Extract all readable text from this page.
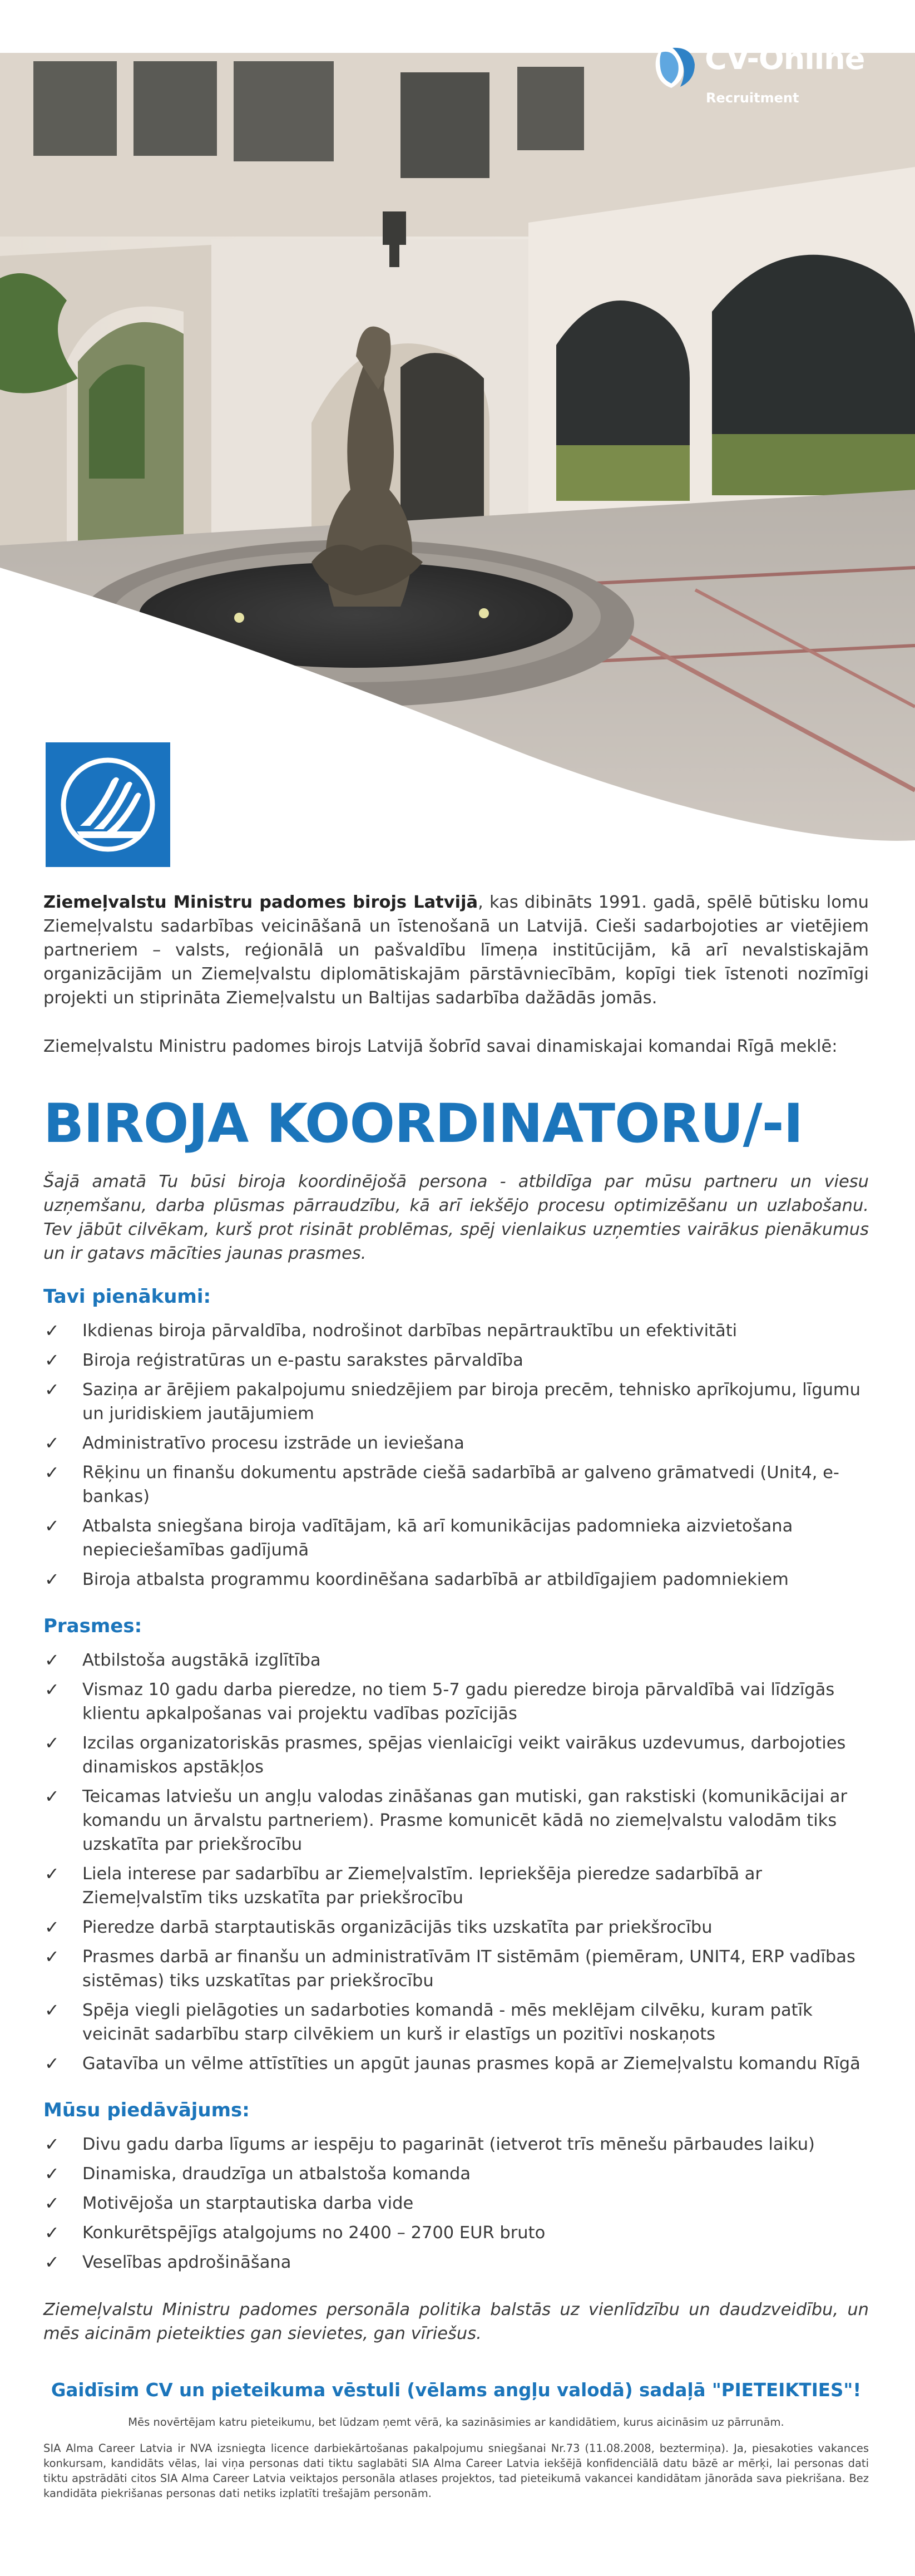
CV-Online
Recruitment

Ziemeļvalstu Ministru padomes birojs Latvijā, kas dibināts 1991. gadā, spēlē būtisku lomu Ziemeļvalstu sadarbības veicināšanā un īstenošanā un Latvijā. Cieši sadarbojoties ar vietējiem partneriem – valsts, reģionālā un pašvaldību līmeņa institūcijām, kā arī nevalstiskajām organizācijām un Ziemeļvalstu diplomātiskajām pārstāvniecībām, kopīgi tiek īstenoti nozīmīgi projekti un stiprināta Ziemeļvalstu un Baltijas sadarbība dažādās jomās.

Ziemeļvalstu Ministru padomes birojs Latvijā šobrīd savai dinamiskajai komandai Rīgā meklē:

BIROJA KOORDINATORU/-I

Šajā amatā Tu būsi biroja koordinējošā persona - atbildīga par mūsu partneru un viesu uzņemšanu, darba plūsmas pārraudzību, kā arī iekšējo procesu optimizēšanu un uzlabošanu. Tev jābūt cilvēkam, kurš prot risināt problēmas, spēj vienlaikus uzņemties vairākus pienākumus un ir gatavs mācīties jaunas prasmes.

Tavi pienākumi:
✓	Ikdienas biroja pārvaldība, nodrošinot darbības nepārtrauktību un efektivitāti
✓	Biroja reģistratūras un e-pastu sarakstes pārvaldība
✓	Saziņa ar ārējiem pakalpojumu sniedzējiem par biroja precēm, tehnisko aprīkojumu, līgumu un juridiskiem jautājumiem
✓	Administratīvo procesu izstrāde un ieviešana
✓	Rēķinu un finanšu dokumentu apstrāde ciešā sadarbībā ar galveno grāmatvedi (Unit4, e-bankas)
✓	Atbalsta sniegšana biroja vadītājam, kā arī komunikācijas padomnieka aizvietošana nepieciešamības gadījumā
✓	Biroja atbalsta programmu koordinēšana sadarbībā ar atbildīgajiem padomniekiem
Prasmes:
✓	Atbilstoša augstākā izglītība
✓	Vismaz 10 gadu darba pieredze, no tiem 5-7 gadu pieredze biroja pārvaldībā vai līdzīgās klientu apkalpošanas vai projektu vadības pozīcijās
✓	Izcilas organizatoriskās prasmes, spējas vienlaicīgi veikt vairākus uzdevumus, darbojoties dinamiskos apstākļos
✓	Teicamas latviešu un angļu valodas zināšanas gan mutiski, gan rakstiski (komunikācijai ar komandu un ārvalstu partneriem). Prasme komunicēt kādā no ziemeļvalstu valodām tiks uzskatīta par priekšrocību
✓	Liela interese par sadarbību ar Ziemeļvalstīm. Iepriekšēja pieredze sadarbībā ar Ziemeļvalstīm tiks uzskatīta par priekšrocību
✓	Pieredze darbā starptautiskās organizācijās tiks uzskatīta par priekšrocību
✓	Prasmes darbā ar finanšu un administratīvām IT sistēmām (piemēram, UNIT4, ERP vadības sistēmas) tiks uzskatītas par priekšrocību
✓	Spēja viegli pielāgoties un sadarboties komandā - mēs meklējam cilvēku, kuram patīk veicināt sadarbību starp cilvēkiem un kurš ir elastīgs un pozitīvi noskaņots
✓	Gatavība un vēlme attīstīties un apgūt jaunas prasmes kopā ar Ziemeļvalstu komandu Rīgā
Mūsu piedāvājums:
✓	Divu gadu darba līgums ar iespēju to pagarināt (ietverot trīs mēnešu pārbaudes laiku)
✓	Dinamiska, draudzīga un atbalstoša komanda
✓	Motivējoša un starptautiska darba vide
✓	Konkurētspējīgs atalgojums no 2400 – 2700 EUR bruto
✓	Veselības apdrošināšana

Ziemeļvalstu Ministru padomes personāla politika balstās uz vienlīdzību un daudzveidību, un mēs aicinām pieteikties gan sievietes, gan vīriešus.

Gaidīsim CV un pieteikuma vēstuli (vēlams angļu valodā) sadaļā "PIETEIKTIES"!

Mēs novērtējam katru pieteikumu, bet lūdzam ņemt vērā, ka sazināsimies ar kandidātiem, kurus aicināsim uz pārrunām.

SIA Alma Career Latvia ir NVA izsniegta licence darbiekārtošanas pakalpojumu sniegšanai Nr.73 (11.08.2008, beztermiņa). Ja, piesakoties vakances konkursam, kandidāts vēlas, lai viņa personas dati tiktu saglabāti SIA Alma Career Latvia iekšējā konfidenciālā datu bāzē ar mērķi, lai personas dati tiktu apstrādāti citos SIA Alma Career Latvia veiktajos personāla atlases projektos, tad pieteikumā vakancei kandidātam jānorāda sava piekrišana. Bez kandidāta piekrišanas personas dati netiks izplatīti trešajām personām.
